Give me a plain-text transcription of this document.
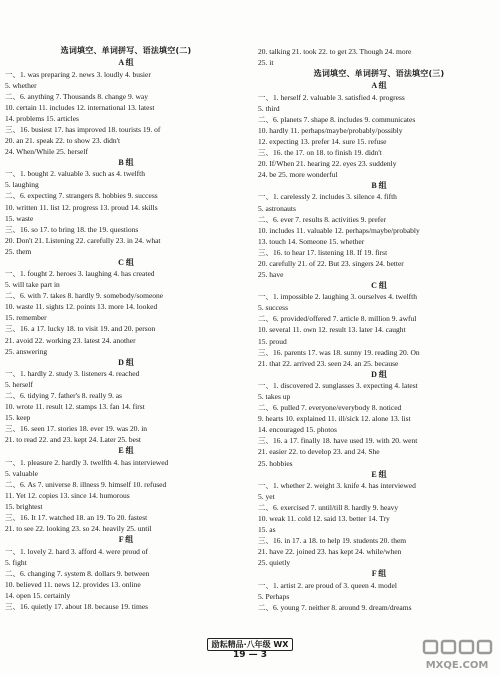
选词填空、单词拼写、语法填空(二)
A 组
一、1. was preparing 2. news 3. loudly 4. busier
5. whether
二、6. anything 7. Thousands 8. change 9. way
10. certain 11. includes 12. international 13. latest
14. problems 15. articles
三、16. busiest 17. has improved 18. tourists 19. of
20. an 21. speak 22. to show 23. didn't
24. When/While 25. herself
B 组
一、1. bought 2. valuable 3. such as 4. twelfth
5. laughing
二、6. expecting 7. strangers 8. hobbies 9. success
10. written 11. list 12. progress 13. proud 14. skills
15. waste
三、16. so 17. to bring 18. the 19. questions
20. Don't 21. Listening 22. carefully 23. in 24. what
25. them
C 组
一、1. fought 2. heroes 3. laughing 4. has created
5. will take part in
二、6. with 7. takes 8. hardly 9. somebody/someone
10. waste 11. sights 12. points 13. more 14. looked
15. remember
三、16. a 17. lucky 18. to visit 19. and 20. person
21. avoid 22. working 23. latest 24. another
25. answering
D 组
一、1. hardly 2. study 3. listeners 4. reached
5. herself
二、6. tidying 7. father's 8. really 9. as
10. wrote 11. result 12. stamps 13. fan 14. first
15. keep
三、16. seen 17. stories 18. ever 19. was 20. in
21. to read 22. and 23. kept 24. Later 25. best
E 组
一、1. pleasure 2. hardly 3. twelfth 4. has interviewed
5. valuable
二、6. As 7. universe 8. illness 9. himself 10. refused
11. Yet 12. copies 13. since 14. humorous
15. brightest
三、16. It 17. watched 18. an 19. To 20. fastest
21. to see 22. looking 23. so 24. heavily 25. until
F 组
一、1. lovely 2. hard 3. afford 4. were proud of
5. fight
二、6. changing 7. system 8. dollars 9. between
10. believed 11. news 12. provides 13. online
14. open 15. certainly
三、16. quietly 17. about 18. because 19. times
20. talking 21. took 22. to get 23. Though 24. more
25. it
选词填空、单词拼写、语法填空(三)
A 组
一、1. herself 2. valuable 3. satisfied 4. progress
5. third
二、6. planets 7. shape 8. includes 9. communicates
10. hardly 11. perhaps/maybe/probably/possibly
12. expecting 13. prefer 14. sure 15. refuse
三、16. the 17. on 18. to finish 19. didn't
20. If/When 21. hearing 22. eyes 23. suddenly
24. be 25. more wonderful
B 组
一、1. carelessly 2. includes 3. silence 4. fifth
5. astronauts
二、6. ever 7. results 8. activities 9. prefer
10. includes 11. valuable 12. perhaps/maybe/probably
13. touch 14. Someone 15. whether
三、16. to hear 17. listening 18. If 19. first
20. carefully 21. of 22. But 23. singers 24. better
25. have
C 组
一、1. impossible 2. laughing 3. ourselves 4. twelfth
5. success
二、6. provided/offered 7. article 8. million 9. awful
10. several 11. own 12. result 13. later 14. caught
15. proud
三、16. parents 17. was 18. sunny 19. reading 20. On
21. that 22. arrived 23. seen 24. an 25. because
D 组
一、1. discovered 2. sunglasses 3. expecting 4. latest
5. takes up
二、6. pulled 7. everyone/everybody 8. noticed
9. hearts 10. explained 11. ill/sick 12. alone 13. list
14. encouraged 15. photos
三、16. a 17. finally 18. have used 19. with 20. went
21. easier 22. to develop 23. and 24. She
25. hobbies
E 组
一、1. whether 2. weight 3. knife 4. has interviewed
5. yet
二、6. exercised 7. until/till 8. hardly 9. heavy
10. weak 11. cold 12. said 13. better 14. Try
15. as
三、16. in 17. a 18. to help 19. students 20. them
21. have 22. joined 23. has kept 24. while/when
25. quietly
F 组
一、1. artist 2. are proud of 3. queen 4. model
5. Perhaps
二、6. young 7. neither 8. around 9. dream/dreams
励耘精品·八年级 WX
19 — 3
MXQE.COM
